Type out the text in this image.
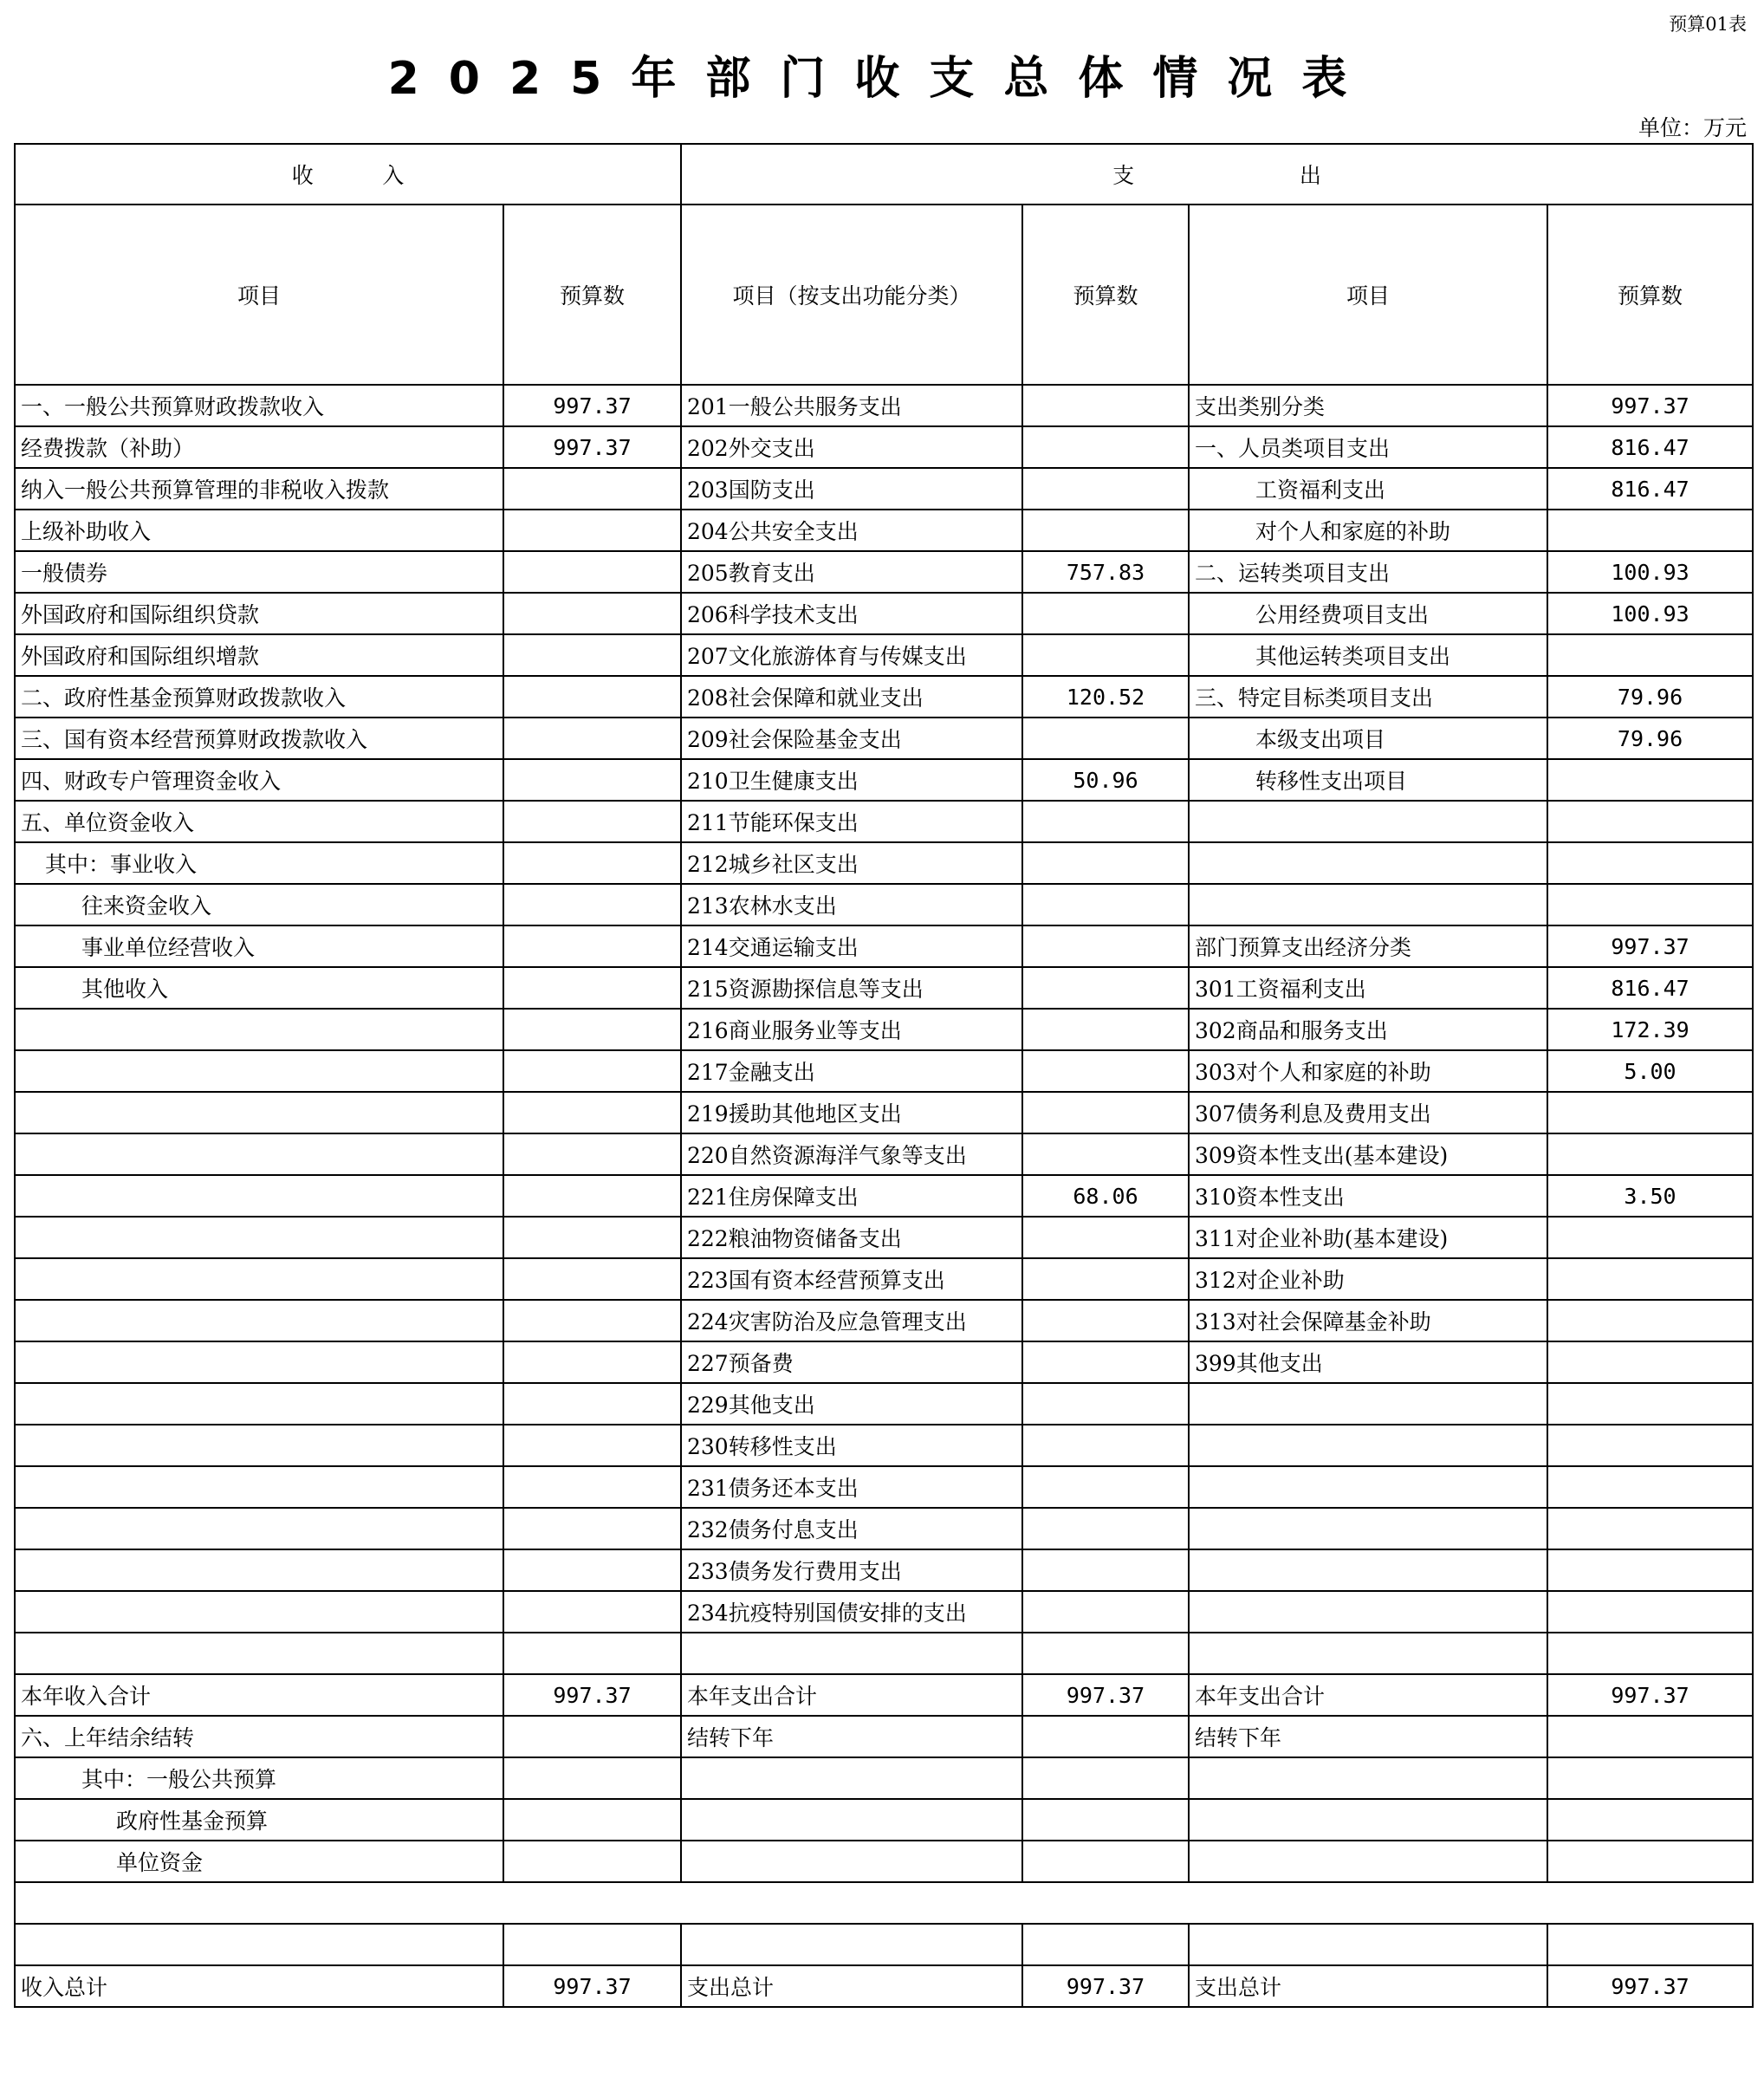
预算01表
2025年部门收支总体情况表
单位：万元
收          入		支                        出			
项目	预算数	项目（按支出功能分类）	预算数	项目	预算数
一、一般公共预算财政拨款收入	997.37	201一般公共服务支出		支出类别分类	997.37
经费拨款（补助）	997.37	202外交支出		一、人员类项目支出	816.47
纳入一般公共预算管理的非税收入拨款		203国防支出		工资福利支出	816.47
上级补助收入		204公共安全支出		对个人和家庭的补助	
一般债券		205教育支出	757.83	二、运转类项目支出	100.93
外国政府和国际组织贷款		206科学技术支出		公用经费项目支出	100.93
外国政府和国际组织增款		207文化旅游体育与传媒支出		其他运转类项目支出	
二、政府性基金预算财政拨款收入		208社会保障和就业支出	120.52	三、特定目标类项目支出	79.96
三、国有资本经营预算财政拨款收入		209社会保险基金支出		本级支出项目	79.96
四、财政专户管理资金收入		210卫生健康支出	50.96	转移性支出项目	
五、单位资金收入		211节能环保支出			
其中：事业收入		212城乡社区支出			
往来资金收入		213农林水支出			
事业单位经营收入		214交通运输支出		部门预算支出经济分类	997.37
其他收入		215资源勘探信息等支出		301工资福利支出	816.47
		216商业服务业等支出		302商品和服务支出	172.39
		217金融支出		303对个人和家庭的补助	5.00
		219援助其他地区支出		307债务利息及费用支出	
		220自然资源海洋气象等支出		309资本性支出(基本建设)	
		221住房保障支出	68.06	310资本性支出	3.50
		222粮油物资储备支出		311对企业补助(基本建设)	
		223国有资本经营预算支出		312对企业补助	
		224灾害防治及应急管理支出		313对社会保障基金补助	
		227预备费		399其他支出	
		229其他支出			
		230转移性支出			
		231债务还本支出			
		232债务付息支出			
		233债务发行费用支出			
		234抗疫特别国债安排的支出			

本年收入合计	997.37	本年支出合计	997.37	本年支出合计	997.37
六、上年结余结转		结转下年		结转下年	
其中：一般公共预算					
政府性基金预算					
单位资金					

收入总计	997.37	支出总计	997.37	支出总计	997.37
